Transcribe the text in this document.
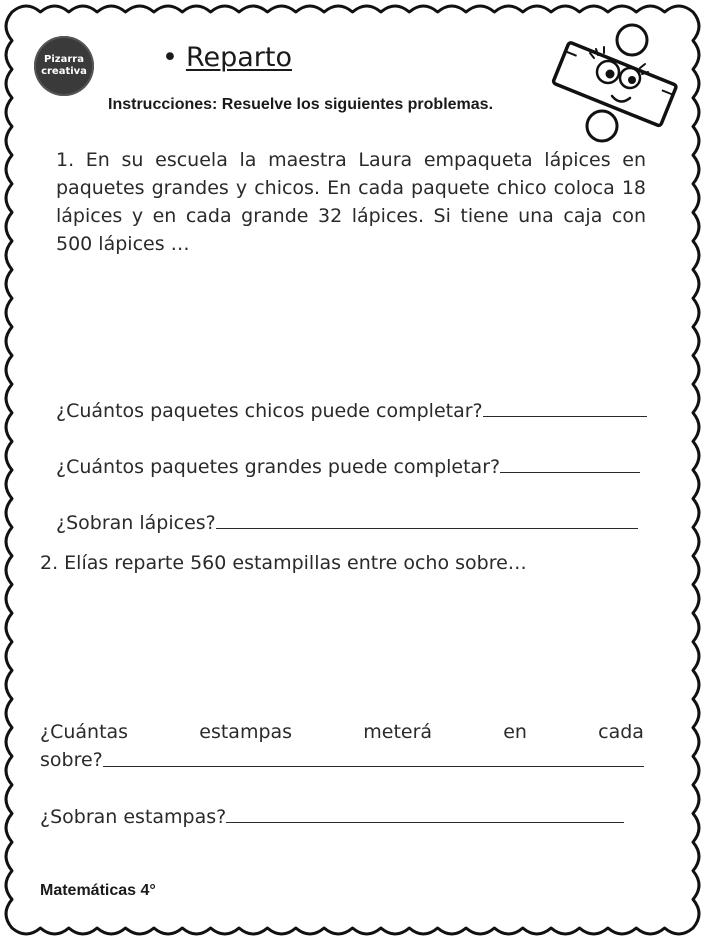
Pizarra
creativa	• Reparto
Instrucciones: Resuelve los siguientes problemas.
1. En su escuela la maestra Laura empaqueta lápices en paquetes grandes y chicos. En cada paquete chico coloca 18 lápices y en cada grande 32 lápices. Si tiene una caja con 500 lápices …
¿Cuántos paquetes chicos puede completar?
¿Cuántos paquetes grandes puede completar?
¿Sobran lápices?
2. Elías reparte 560 estampillas entre ocho sobre…
¿Cuántas	estampas	meterá	en	cada
sobre?
¿Sobran estampas?
Matemáticas 4°
